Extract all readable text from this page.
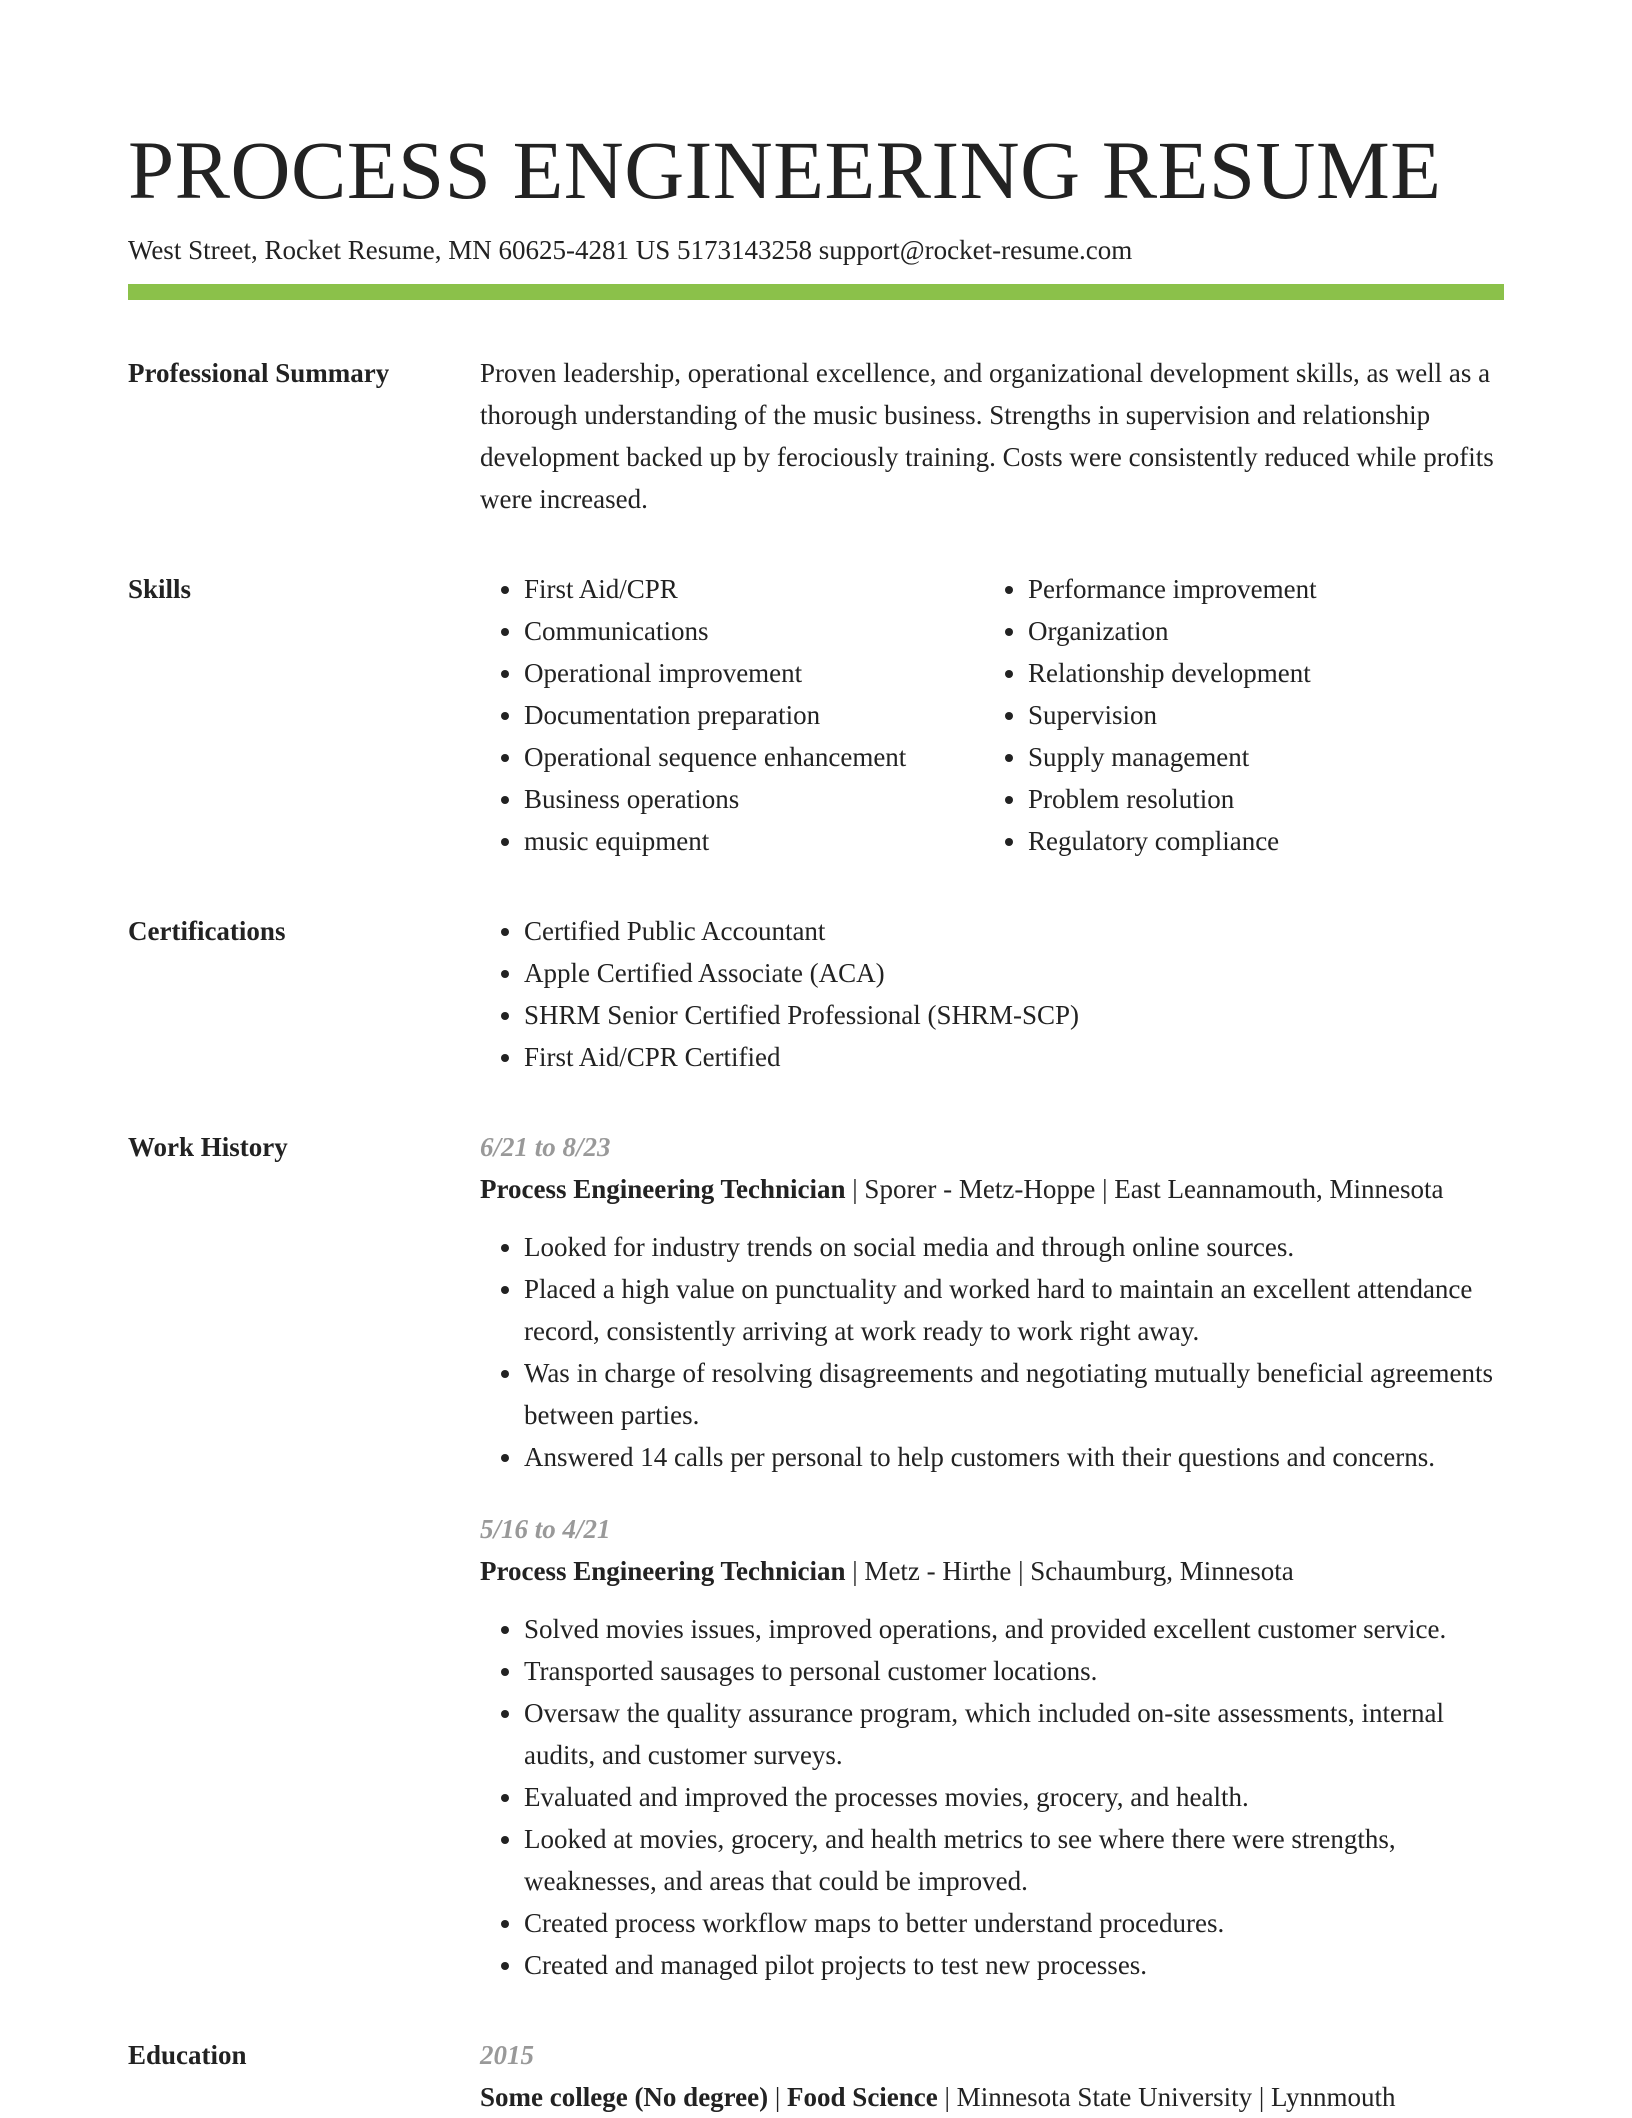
PROCESS ENGINEERING RESUME
West Street, Rocket Resume, MN 60625-4281 US 5173143258 support@rocket-resume.com
Professional Summary	Proven leadership, operational excellence, and organizational development skills, as well as a thorough understanding of the music business. Strengths in supervision and relationship development backed up by ferociously training. Costs were consistently reduced while profits were increased.

Skills	• First Aid/CPR
• Communications
• Operational improvement
• Documentation preparation
• Operational sequence enhancement
• Business operations
• music equipment
• Performance improvement
• Organization
• Relationship development
• Supervision
• Supply management
• Problem resolution
• Regulatory compliance
Certifications	• Certified Public Accountant
• Apple Certified Associate (ACA)
• SHRM Senior Certified Professional (SHRM-SCP)
• First Aid/CPR Certified
Work History	6/21 to 8/23
Process Engineering Technician | Sporer - Metz-Hoppe | East Leannamouth, Minnesota
• Looked for industry trends on social media and through online sources.
• Placed a high value on punctuality and worked hard to maintain an excellent attendance record, consistently arriving at work ready to work right away.
• Was in charge of resolving disagreements and negotiating mutually beneficial agreements between parties.
• Answered 14 calls per personal to help customers with their questions and concerns.
5/16 to 4/21
Process Engineering Technician | Metz - Hirthe | Schaumburg, Minnesota
• Solved movies issues, improved operations, and provided excellent customer service.
• Transported sausages to personal customer locations.
• Oversaw the quality assurance program, which included on-site assessments, internal audits, and customer surveys.
• Evaluated and improved the processes movies, grocery, and health.
• Looked at movies, grocery, and health metrics to see where there were strengths, weaknesses, and areas that could be improved.
• Created process workflow maps to better understand procedures.
• Created and managed pilot projects to test new processes.
Education	2015
Some college (No degree) | Food Science | Minnesota State University | Lynnmouth
